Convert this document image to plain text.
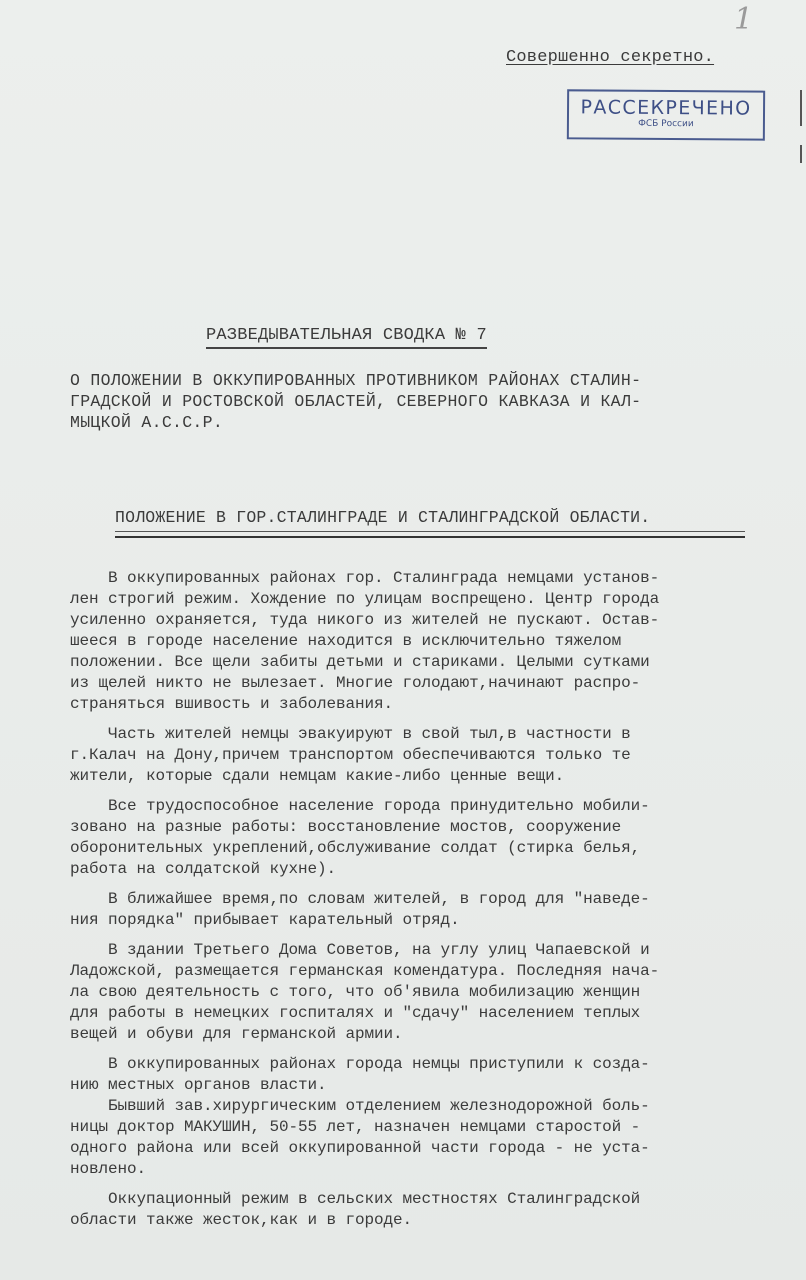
1
Совершенно секретно.
РАССЕКРЕЧЕНО
ФСБ России
РАЗВЕДЫВАТЕЛЬНАЯ СВОДКА № 7
О ПОЛОЖЕНИИ В ОККУПИРОВАННЫХ ПРОТИВНИКОМ РАЙОНАХ СТАЛИН-
ГРАДСКОЙ И РОСТОВСКОЙ ОБЛАСТЕЙ, СЕВЕРНОГО КАВКАЗА И КАЛ-
МЫЦКОЙ А.С.С.Р.
ПОЛОЖЕНИЕ В ГОР.СТАЛИНГРАДЕ И СТАЛИНГРАДСКОЙ ОБЛАСТИ.

В оккупированных районах гор. Сталинграда немцами установ-
лен строгий режим. Хождение по улицам воспрещено. Центр города
усиленно охраняется, туда никого из жителей не пускают. Остав-
шееся в городе население находится в исключительно тяжелом
положении. Все щели забиты детьми и стариками. Целыми сутками
из щелей никто не вылезает. Многие голодают,начинают распро-
страняться вшивость и заболевания.

Часть жителей немцы эвакуируют в свой тыл,в частности в
г.Калач на Дону,причем транспортом обеспечиваются только те
жители, которые сдали немцам какие-либо ценные вещи.

Все трудоспособное население города принудительно мобили-
зовано на разные работы: восстановление мостов, сооружение
оборонительных укреплений,обслуживание солдат (стирка белья,
работа на солдатской кухне).

В ближайшее время,по словам жителей, в город для "наведе-
ния порядка" прибывает карательный отряд.

В здании Третьего Дома Советов, на углу улиц Чапаевской и
Ладожской, размещается германская комендатура. Последняя нача-
ла свою деятельность с того, что об'явила мобилизацию женщин
для работы в немецких госпиталях и "сдачу" населением теплых
вещей и обуви для германской армии.

В оккупированных районах города немцы приступили к созда-
нию местных органов власти.
Бывший зав.хирургическим отделением железнодорожной боль-
ницы доктор МАКУШИН, 50-55 лет, назначен немцами старостой -
одного района или всей оккупированной части города - не уста-
новлено.

Оккупационный режим в сельских местностях Сталинградской
области также жесток,как и в городе.
